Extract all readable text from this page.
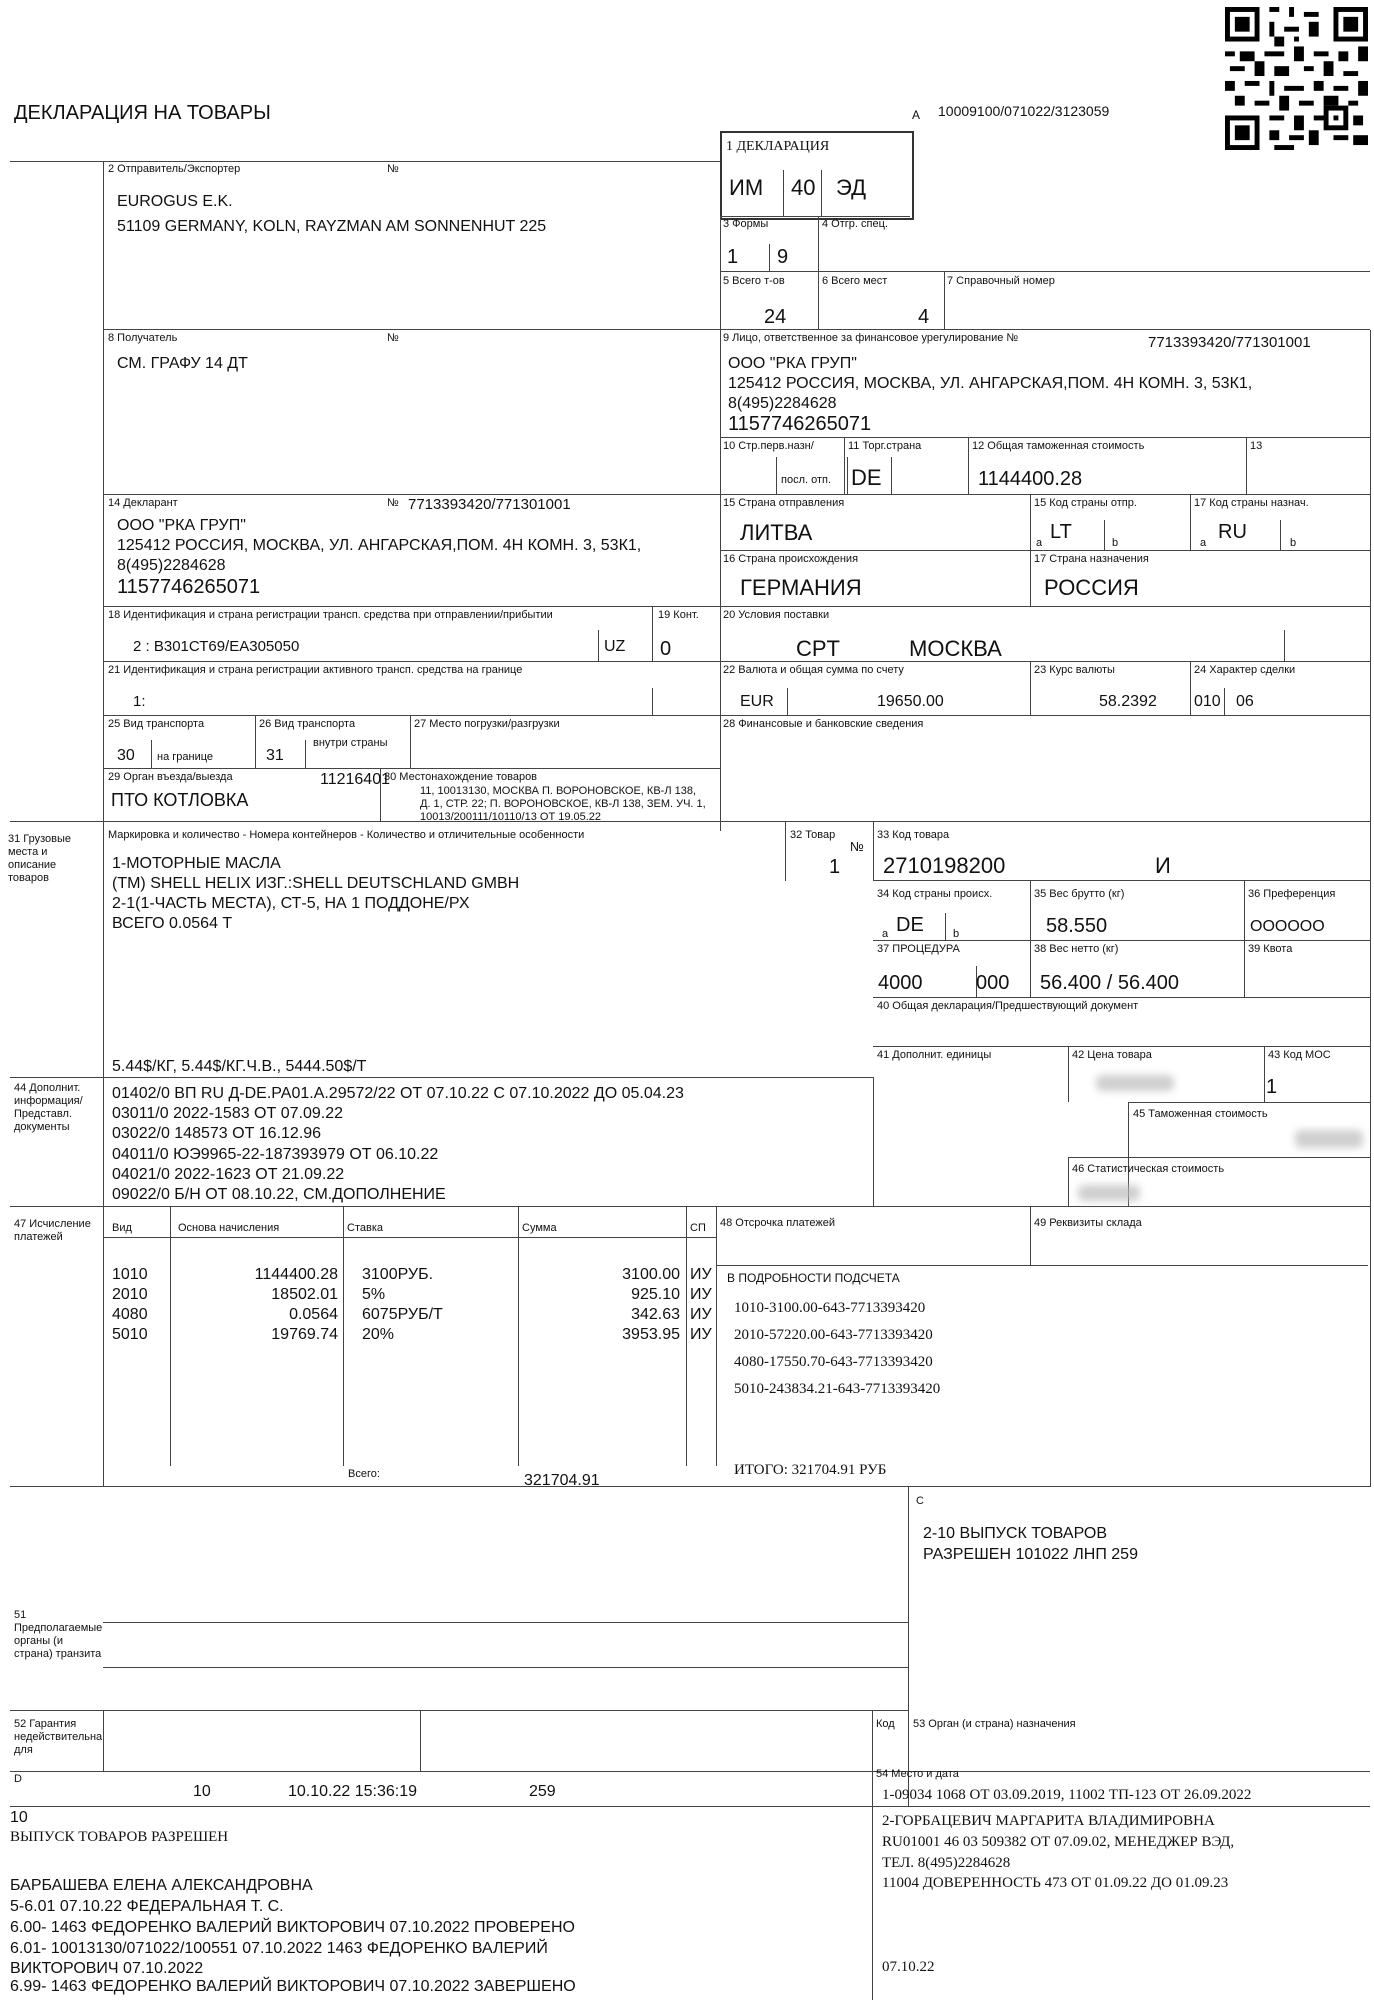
ДЕКЛАРАЦИЯ НА ТОВАРЫ	A 10009100/071022/3123059
1 ДЕКЛАРАЦИЯ
ИМ 40 ЭД
2 Отправитель/Экспортер	№
EUROGUS E.K.
51109 GERMANY, KOLN, RAYZMAN AM SONNENHUT 225	3 Формы	4 Отгр. спец.
1 9
5 Всего т-ов
24
6 Всего мест
4
7 Справочный номер
8 Получатель	№
СМ. ГРАФУ 14 ДТ
9 Лицо, ответственное за финансовое урегулирование №	7713393420/771301001
ООО "РКА ГРУП"
125412 РОССИЯ, МОСКВА, УЛ. АНГАРСКАЯ,ПОМ. 4Н КОМН. 3, 53К1,
8(495)2284628
1157746265071
10 Стр.перв.назн/
посл. отп.
11 Торг.страна
DE
12 Общая таможенная стоимость
1144400.28
13
14 Декларант	№ 7713393420/771301001
ООО "РКА ГРУП"
125412 РОССИЯ, МОСКВА, УЛ. АНГАРСКАЯ,ПОМ. 4Н КОМН. 3, 53К1,
8(495)2284628
1157746265071
15 Страна отправления
ЛИТВА
15 Код страны отпр.
a LT	b
17 Код страны назнач.
a RU	b
16 Страна происхождения
ГЕРМАНИЯ
17 Страна назначения
РОССИЯ
18 Идентификация и страна регистрации трансп. средства при отправлении/прибытии
2 : В301СТ69/ЕА305050	UZ
19 Конт.
0
20 Условия поставки
CPT	МОСКВА
21 Идентификация и страна регистрации активного трансп. средства на границе
1:
22 Валюта и общая сумма по счету
EUR	19650.00
23 Курс валюты
58.2392
24 Характер сделки
010 06
25 Вид транспорта
30 на границе
26 Вид транспорта
31
внутри страны
27 Место погрузки/разгрузки	28 Финансовые и банковские сведения
29 Орган въезда/выезда	11216401
ПТО КОТЛОВКА
30 Местонахождение товаров
11, 10013130, МОСКВА П. ВОРОНОВСКОЕ, КВ-Л 138,
Д. 1, СТР. 22; П. ВОРОНОВСКОЕ, КВ-Л 138, ЗЕМ. УЧ. 1,
10013/200111/10110/13 ОТ 19.05.22
31 Грузовые места и описание товаров
Маркировка и количество - Номера контейнеров - Количество и отличительные особенности
1-МОТОРНЫЕ МАСЛА
(ТМ) SHELL HELIX ИЗГ.:SHELL DEUTSCHLAND GMBH
2-1(1-ЧАСТЬ МЕСТА), СТ-5, НА 1 ПОДДОНЕ/РХ
ВСЕГО 0.0564 Т
5.44$/КГ, 5.44$/КГ.Ч.В., 5444.50$/Т
32 Товар
№
1
33 Код товара
2710198200	И
34 Код страны происх.
a DE	b
35 Вес брутто (кг)
58.550
36 Преференция
ОООООО
37 ПРОЦЕДУРА
4000	000
38 Вес нетто (кг)
56.400 / 56.400
39 Квота
40 Общая декларация/Предшествующий документ
41 Дополнит. единицы	42 Цена товара	43 Код МОС
1
45 Таможенная стоимость
46 Статистическая стоимость
44 Дополнит. информация/ Представл. документы
01402/0 ВП RU Д-DE.PA01.A.29572/22 ОТ 07.10.22 С 07.10.2022 ДО 05.04.23
03011/0 2022-1583 ОТ 07.09.22
03022/0 148573 ОТ 16.12.96
04011/0 ЮЭ9965-22-187393979 ОТ 06.10.22
04021/0 2022-1623 ОТ 21.09.22
09022/0 Б/Н ОТ 08.10.22, СМ.ДОПОЛНЕНИЕ
47 Исчисление платежей
Вид	Основа начисления	Ставка	Сумма	СП
1010	1144400.28 3100РУБ.	3100.00 ИУ
2010	18502.01 5%	925.10 ИУ
4080	0.0564 6075РУБ/Т	342.63 ИУ
5010	19769.74 20%	3953.95 ИУ
Всего:	321704.91
48 Отсрочка платежей	49 Реквизиты склада
В ПОДРОБНОСТИ ПОДСЧЕТА
1010-3100.00-643-7713393420
2010-57220.00-643-7713393420
4080-17550.70-643-7713393420
5010-243834.21-643-7713393420
ИТОГО: 321704.91 РУБ
C
2-10 ВЫПУСК ТОВАРОВ
РАЗРЕШЕН 101022 ЛНП 259
51 Предполагаемые органы (и страна) транзита
52 Гарантия недействительна для
Код 53 Орган (и страна) назначения
D
10	10.10.22 15:36:19	259
10
ВЫПУСК ТОВАРОВ РАЗРЕШЕН
БАРБАШЕВА ЕЛЕНА АЛЕКСАНДРОВНА
5-6.01 07.10.22 ФЕДЕРАЛЬНАЯ Т. С.
6.00- 1463 ФЕДОРЕНКО ВАЛЕРИЙ ВИКТОРОВИЧ 07.10.2022 ПРОВЕРЕНО
6.01- 10013130/071022/100551 07.10.2022 1463 ФЕДОРЕНКО ВАЛЕРИЙ
ВИКТОРОВИЧ 07.10.2022
6.99- 1463 ФЕДОРЕНКО ВАЛЕРИЙ ВИКТОРОВИЧ 07.10.2022 ЗАВЕРШЕНО
54 Место и дата
1-09034 1068 ОТ 03.09.2019, 11002 ТП-123 ОТ 26.09.2022
2-ГОРБАЦЕВИЧ МАРГАРИТА ВЛАДИМИРОВНА
RU01001 46 03 509382 ОТ 07.09.02, МЕНЕДЖЕР ВЭД,
ТЕЛ. 8(495)2284628
11004 ДОВЕРЕННОСТЬ 473 ОТ 01.09.22 ДО 01.09.23
07.10.22
